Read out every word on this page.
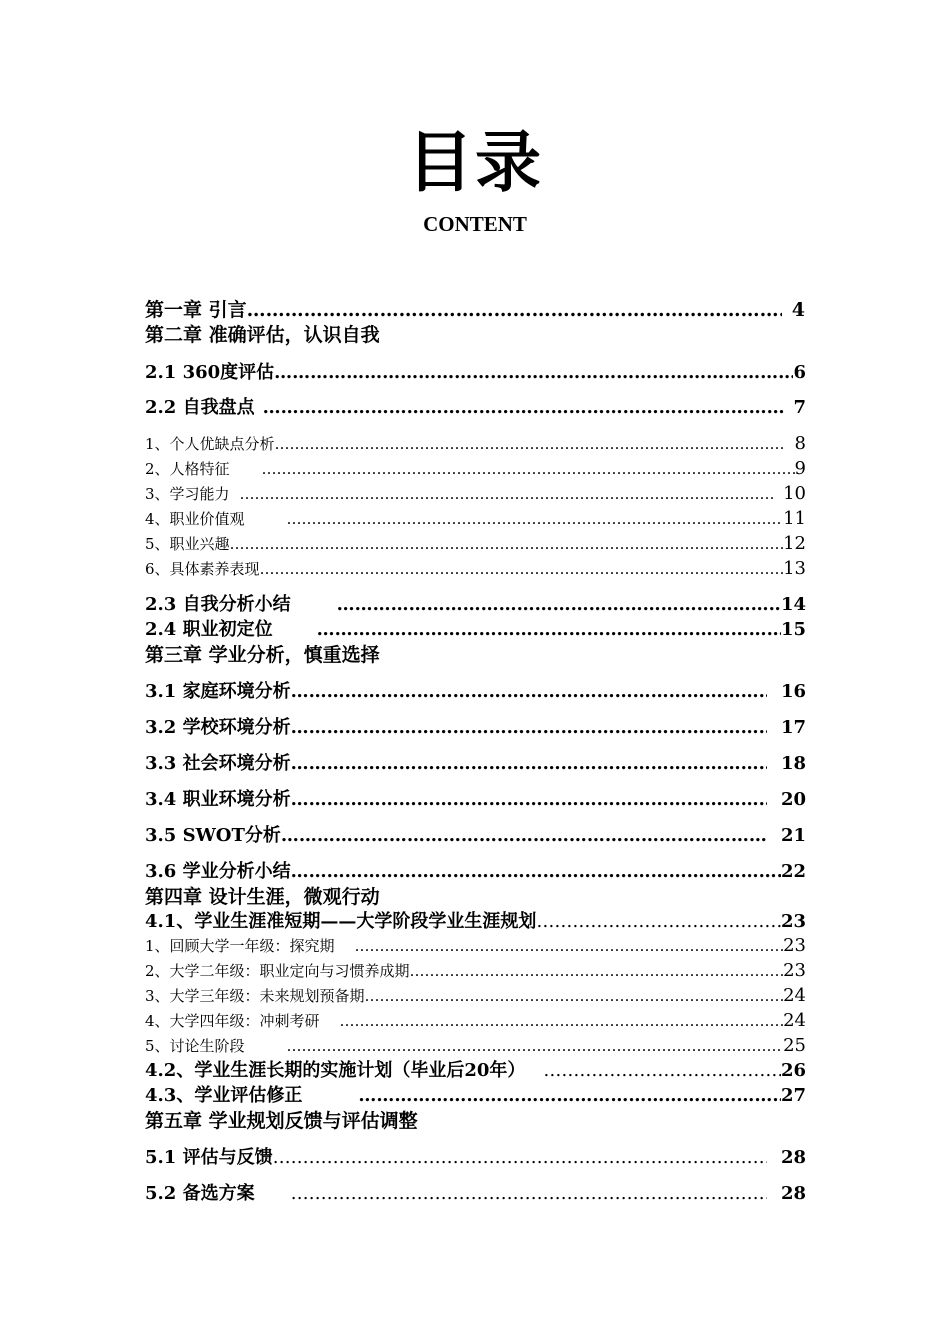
目录
CONTENT
第一章 引言 …………………………………………………………………………………………………………………………………………………………………………………………………………	4
第二章 准确评估，认识自我
2.1 360度评估 …………………………………………………………………………………………………………………………………………………………………………………………………………	6
2.2 自我盘点 …………………………………………………………………………………………………………………………………………………………………………………………………………	7
1、个人优缺点分析 …………………………………………………………………………………………………………………………………………………………………………………………………………	8
2、人格特征 …………………………………………………………………………………………………………………………………………………………………………………………………………	9
3、学习能力 …………………………………………………………………………………………………………………………………………………………………………………………………………	10
4、职业价值观 …………………………………………………………………………………………………………………………………………………………………………………………………………	11
5、职业兴趣 …………………………………………………………………………………………………………………………………………………………………………………………………………	12
6、具体素养表现 …………………………………………………………………………………………………………………………………………………………………………………………………………	13
2.3 自我分析小结 …………………………………………………………………………………………………………………………………………………………………………………………………………	14
2.4 职业初定位 …………………………………………………………………………………………………………………………………………………………………………………………………………	15
第三章 学业分析，慎重选择
3.1 家庭环境分析 …………………………………………………………………………………………………………………………………………………………………………………………………………	16
3.2 学校环境分析 …………………………………………………………………………………………………………………………………………………………………………………………………………	17
3.3 社会环境分析 …………………………………………………………………………………………………………………………………………………………………………………………………………	18
3.4 职业环境分析 …………………………………………………………………………………………………………………………………………………………………………………………………………	20
3.5 SWOT分析 …………………………………………………………………………………………………………………………………………………………………………………………………………	21
3.6 学业分析小结 …………………………………………………………………………………………………………………………………………………………………………………………………………	22
第四章 设计生涯，微观行动
4.1、学业生涯准短期——大学阶段学业生涯规划 …………………………………………………………………………………………………………………………………………………………………………………………………………	23
1、回顾大学一年级：探究期 …………………………………………………………………………………………………………………………………………………………………………………………………………	23
2、大学二年级：职业定向与习惯养成期 …………………………………………………………………………………………………………………………………………………………………………………………………………	23
3、大学三年级：未来规划预备期 …………………………………………………………………………………………………………………………………………………………………………………………………………	24
4、大学四年级：冲刺考研 …………………………………………………………………………………………………………………………………………………………………………………………………………	24
5、讨论生阶段 …………………………………………………………………………………………………………………………………………………………………………………………………………	25
4.2、学业生涯长期的实施计划（毕业后20年） …………………………………………………………………………………………………………………………………………………………………………………………………………	26
4.3、学业评估修正 …………………………………………………………………………………………………………………………………………………………………………………………………………	27
第五章 学业规划反馈与评估调整
5.1 评估与反馈 …………………………………………………………………………………………………………………………………………………………………………………………………………	28
5.2 备选方案 …………………………………………………………………………………………………………………………………………………………………………………………………………	28
